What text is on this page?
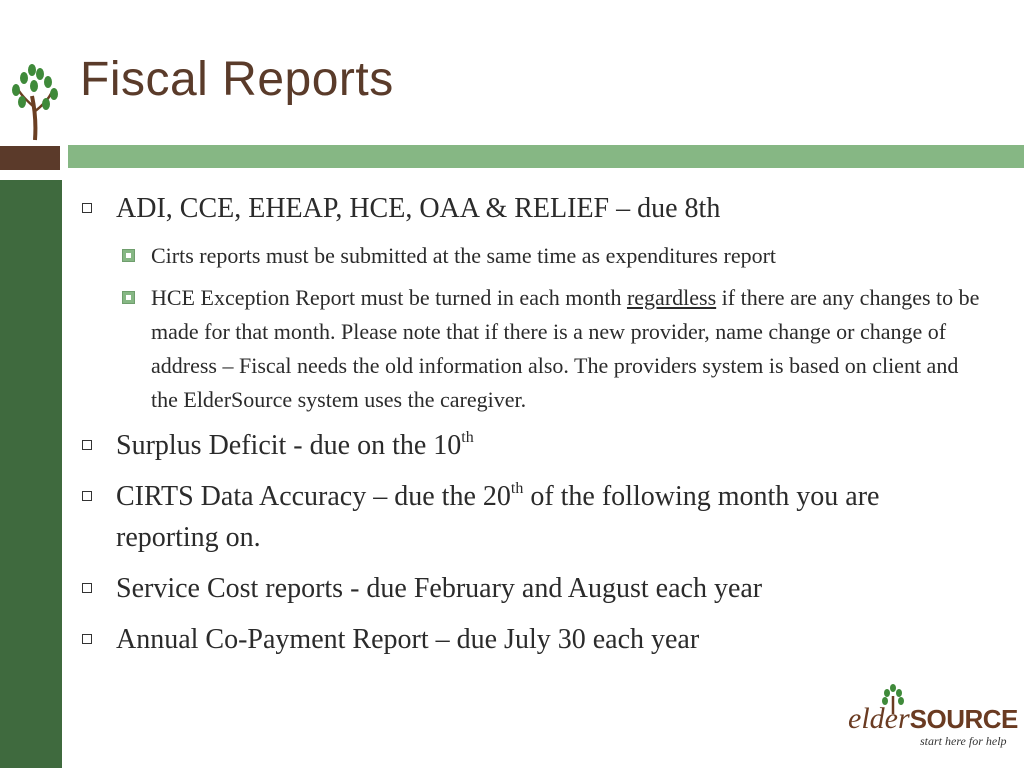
Fiscal Reports
ADI, CCE, EHEAP, HCE, OAA & RELIEF – due 8th
Cirts reports must be submitted at the same time as expenditures report
HCE Exception Report must be turned in each month regardless if there are any changes to be made for that month. Please note that if there is a new provider, name change or change of address – Fiscal needs the old information also. The providers system is based on client and the ElderSource system uses the caregiver.
Surplus Deficit - due on the 10th
CIRTS Data Accuracy – due the 20th of the following month you are reporting on.
Service Cost reports - due February and August each year
Annual Co-Payment Report – due July 30 each year
elderSOURCE
start here for help
